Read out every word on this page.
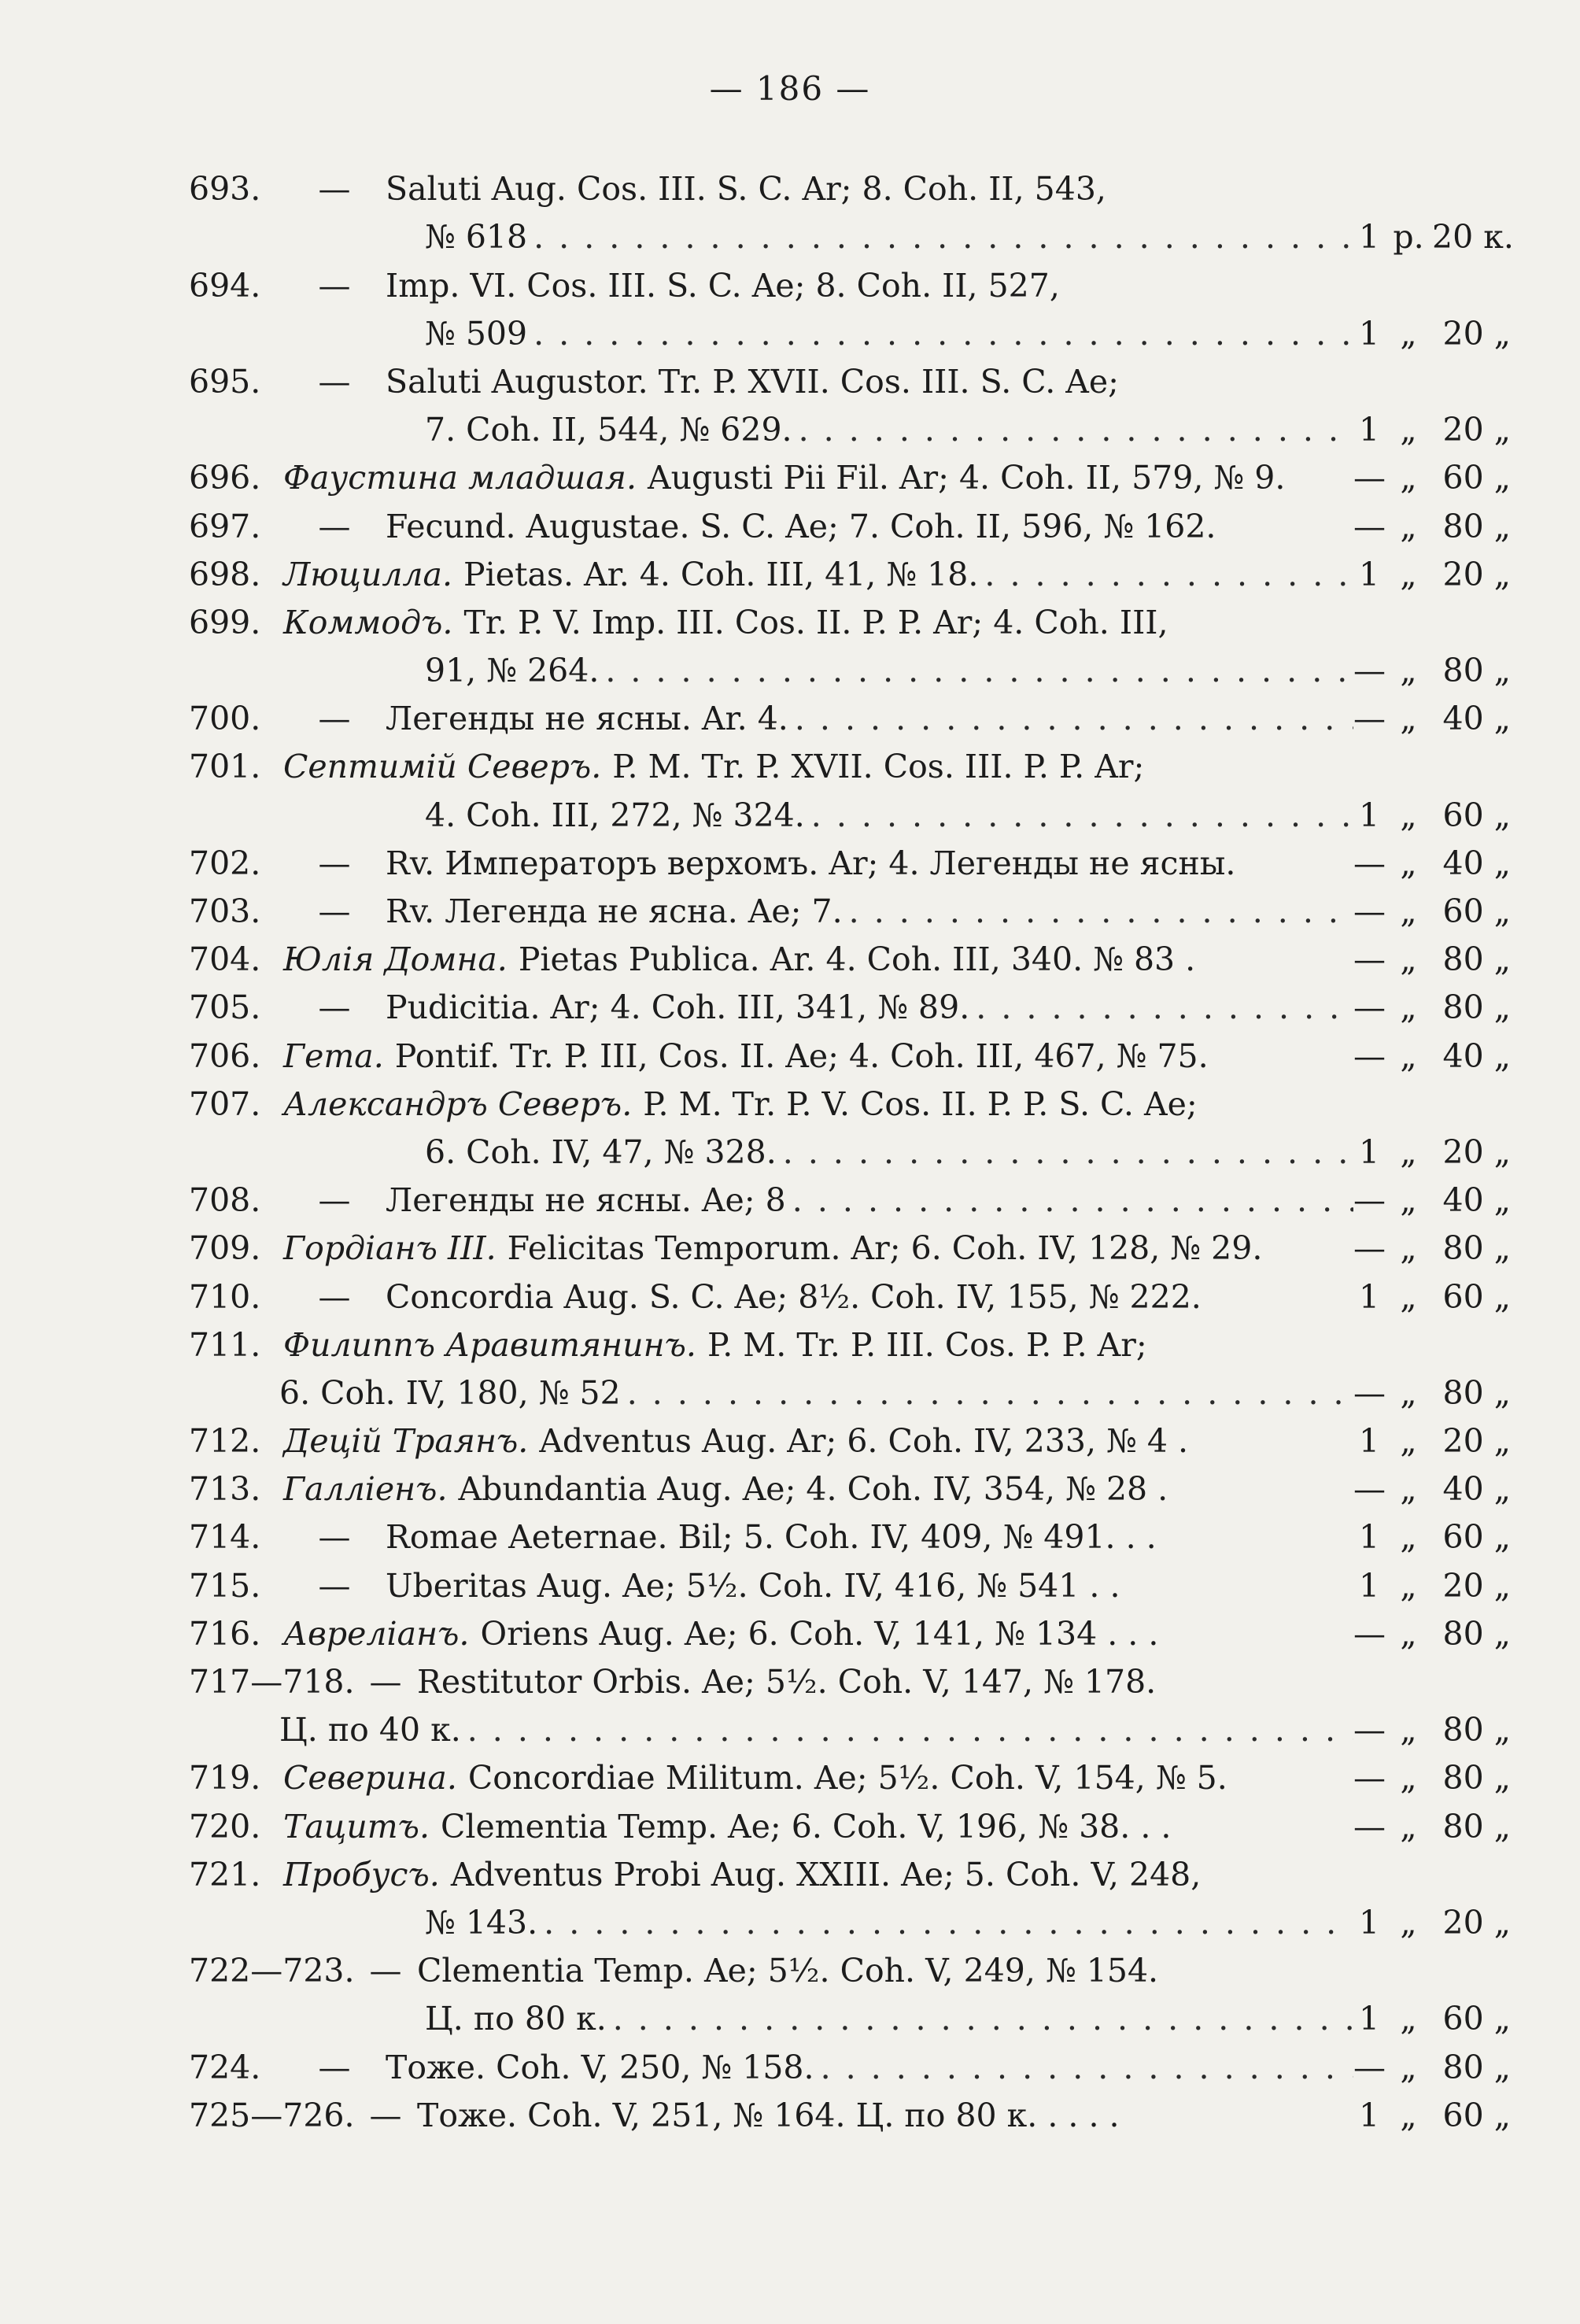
— 186 —
693.	—	Saluti Aug. Cos. III. S. C. Ar; 8. Coh. II, 543,
№ 618 . . .	1 р. 20 к.
694.	—	Imp. VI. Cos. III. S. C. Ae; 8. Coh. II, 527,
№ 509 . . .	1 „ 20 „
695.	—	Saluti Augustor. Tr. P. XVII. Cos. III. S. C. Ae;
7. Coh. II, 544, № 629. . . .	1 „ 20 „
696. Фаустина младшая. Augusti Pii Fil. Ar; 4. Coh. II, 579, № 9. — „ 60 „
697.	—	Fecund. Augustae. S. C. Ae; 7. Coh. II, 596, № 162.	— „ 80 „
698. Люцилла. Pietas. Ar. 4. Coh. III, 41, № 18. . . .	1 „ 20 „
699. Коммодъ. Tr. P. V. Imp. III. Cos. II. P. P. Ar; 4. Coh. III,
91, № 264. . . .	— „ 80 „
700.	—	Легенды не ясны. Ar. 4. . . .	— „ 40 „
701. Септимій Северъ. P. M. Tr. P. XVII. Cos. III. P. P. Ar;
4. Coh. III, 272, № 324. . . .	1 „ 60 „
702.	—	Rv. Императоръ верхомъ. Ar; 4. Легенды не ясны.	— „ 40 „
703.	—	Rv. Легенда не ясна. Ae; 7. . . .	— „ 60 „
704. Юлія Домна. Pietas Publica. Ar. 4. Coh. III, 340. № 83 .	— „ 80 „
705.	—	Pudicitia. Ar; 4. Coh. III, 341, № 89. . . .	— „ 80 „
706. Гета. Pontif. Tr. P. III, Cos. II. Ae; 4. Coh. III, 467, № 75.	— „ 40 „
707. Александръ Северъ. P. M. Tr. P. V. Cos. II. P. P. S. C. Ae;
6. Coh. IV, 47, № 328. . . .	1 „ 20 „
708.	—	Легенды не ясны. Ae; 8 . . .	— „ 40 „
709. Гордіанъ III. Felicitas Temporum. Ar; 6. Coh. IV, 128, № 29.	— „ 80 „
710.	—	Concordia Aug. S. C. Ae; 8½. Coh. IV, 155, № 222.	1 „ 60 „
711. Филиппъ Аравитянинъ. P. M. Tr. P. III. Cos. P. P. Ar;
6. Coh. IV, 180, № 52 . . .	— „ 80 „
712. Децій Траянъ. Adventus Aug. Ar; 6. Coh. IV, 233, № 4 .	1 „ 20 „
713. Галліенъ. Abundantia Aug. Ae; 4. Coh. IV, 354, № 28 .	— „ 40 „
714.	—	Romae Aeternae. Bil; 5. Coh. IV, 409, № 491. . .	1 „ 60 „
715.	—	Uberitas Aug. Ae; 5½. Coh. IV, 416, № 541 . .	1 „ 20 „
716. Авреліанъ. Oriens Aug. Ae; 6. Coh. V, 141, № 134 . . .	— „ 80 „
717—718. — Restitutor Orbis. Ae; 5½. Coh. V, 147, № 178.
Ц. по 40 к. . . .	— „ 80 „
719. Северина. Concordiae Militum. Ae; 5½. Coh. V, 154, № 5.	— „ 80 „
720. Тацитъ. Clementia Temp. Ae; 6. Coh. V, 196, № 38. . .	— „ 80 „
721. Пробусъ. Adventus Probi Aug. XXIII. Ae; 5. Coh. V, 248,
№ 143. . . .	1 „ 20 „
722—723. — Clementia Temp. Ae; 5½. Coh. V, 249, № 154.
Ц. по 80 к. . . .	1 „ 60 „
724.	—	Тоже. Coh. V, 250, № 158. . . .	— „ 80 „
725—726. — Тоже. Coh. V, 251, № 164. Ц. по 80 к. . . . .	1 „ 60 „
